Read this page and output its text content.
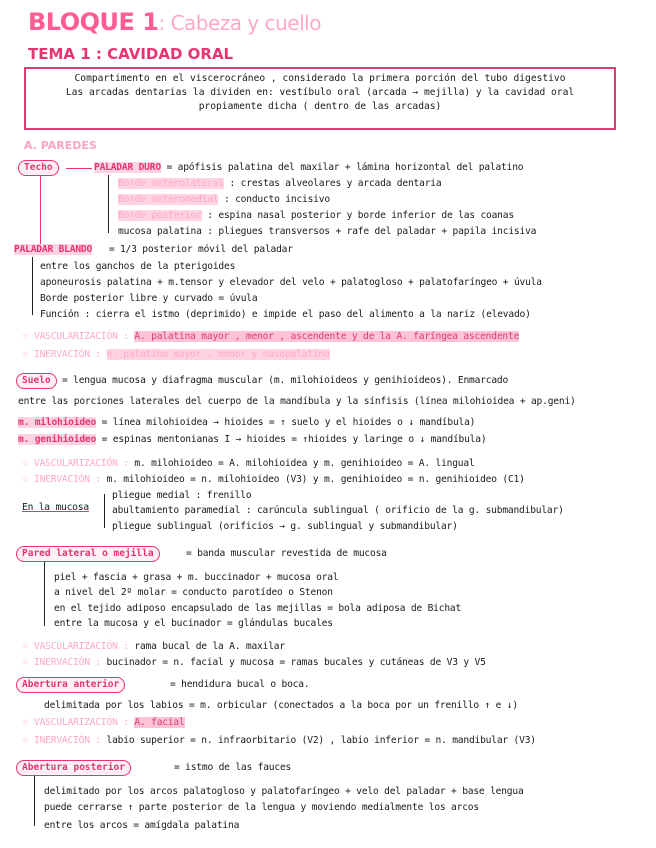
BLOQUE 1: Cabeza y cuello
TEMA 1 : CAVIDAD ORAL
Compartimento en el viscerocráneo , considerado la primera porción del tubo digestivo
Las arcadas dentarias la dividen en: vestíbulo oral (arcada → mejilla) y la cavidad oral
propiamente dicha ( dentro de las arcadas)
A. PAREDES
Techo	PALADAR DURO = apófisis palatina del maxilar + lámina horizontal del palatino
Borde anterolateral : crestas alveolares y arcada dentaria
Borde anteromedial : conducto incisivo
Borde posterior : espina nasal posterior y borde inferior de las coanas
mucosa palatina : pliegues transversos + rafe del paladar + papila incisiva
PALADAR BLANDO = 1/3 posterior móvil del paladar
entre los ganchos de la pterigoides
aponeurosis palatina + m.tensor y elevador del velo + palatogloso + palatofaríngeo + úvula
Borde posterior libre y curvado = úvula
Función : cierra el istmo (deprimido) e impide el paso del alimento a la nariz (elevado)
☆ VASCULARIZACIÓN : A. palatina mayor , menor , ascendente y de la A. faríngea ascendente
☆ INERVACIÓN : n. palatino mayor , menor y nasopalatino
Suelo	= lengua mucosa y diafragma muscular (m. milohioideos y genihioideos). Enmarcado
entre las porciones laterales del cuerpo de la mandíbula y la sínfisis (línea milohioidea + ap.geni)
m. milohioideo = línea milohioidea → hioides = ↑ suelo y el hioides o ↓ mandíbula)
m. genihioideo = espinas mentonianas I → hioides = ↑hioides y laringe o ↓ mandíbula)
☆ VASCULARIZACIÓN : m. milohioideo = A. milohioidea y m. genihioideo = A. lingual
☆ INERVACIÓN : m. milohioideo = n. milohioideo (V3) y m. genihioideo = n. genihioideo (C1)
En la mucosa
pliegue medial : frenillo
abultamiento paramedial : carúncula sublingual ( orificio de la g. submandibular)
pliegue sublingual (orificios → g. sublingual y submandibular)
Pared lateral o mejilla	= banda muscular revestida de mucosa
piel + fascia + grasa + m. buccinador + mucosa oral
a nivel del 2º molar = conducto parotídeo o Stenon
en el tejido adiposo encapsulado de las mejillas = bola adiposa de Bichat
entre la mucosa y el bucinador = glándulas bucales
☆ VASCULARIZACIÓN : rama bucal de la A. maxilar
☆ INERVACIÓN : bucinador = n. facial y mucosa = ramas bucales y cutáneas de V3 y V5
Abertura anterior	= hendidura bucal o boca.
delimitada por los labios = m. orbicular (conectados a la boca por un frenillo ↑ e ↓)
☆ VASCULARIZACIÓN : A. facial
☆ INERVACIÓN : labio superior = n. infraorbitario (V2) , labio inferior = n. mandibular (V3)
Abertura posterior	= istmo de las fauces
delimitado por los arcos palatogloso y palatofaríngeo + velo del paladar + base lengua
puede cerrarse ↑ parte posterior de la lengua y moviendo medialmente los arcos
entre los arcos = amígdala palatina
